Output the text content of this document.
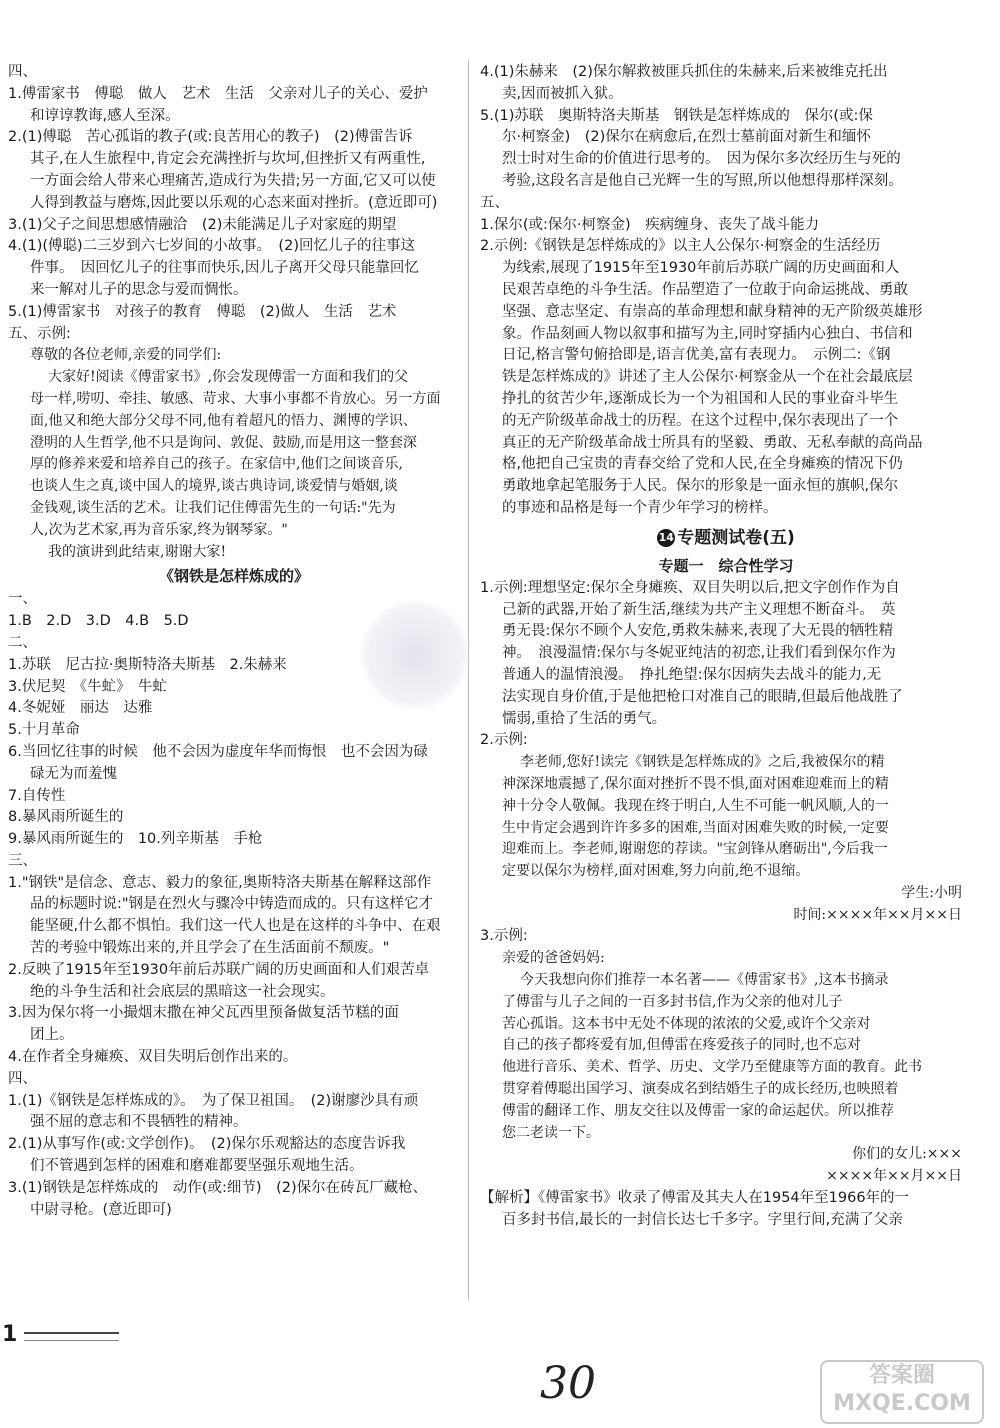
四、
1.傅雷家书　傅聪　做人　艺术　生活　父亲对儿子的关心、爱护
和谆谆教诲,感人至深。
2.(1)傅聪　苦心孤诣的教子(或:良苦用心的教子)　(2)傅雷告诉
其子,在人生旅程中,肯定会充满挫折与坎坷,但挫折又有两重性,
一方面会给人带来心理痛苦,造成行为失措;另一方面,它又可以使
人得到教益与磨炼,因此要以乐观的心态来面对挫折。(意近即可)
3.(1)父子之间思想感情融洽　(2)未能满足儿子对家庭的期望
4.(1)(傅聪)二三岁到六七岁间的小故事。　(2)回忆儿子的往事这
件事。　因回忆儿子的往事而快乐,因儿子离开父母只能靠回忆
来一解对儿子的思念与爱而惆怅。
5.(1)傅雷家书　对孩子的教育　傅聪　(2)做人　生活　艺术
五、示例:
尊敬的各位老师,亲爱的同学们:
大家好!阅读《傅雷家书》,你会发现傅雷一方面和我们的父
母一样,唠叨、牵挂、敏感、苛求、大事小事都不肯放心。另一方面
面,他又和绝大部分父母不同,他有着超凡的悟力、渊博的学识、
澄明的人生哲学,他不只是询问、敦促、鼓励,而是用这一整套深
厚的修养来爱和培养自己的孩子。在家信中,他们之间谈音乐,
也谈人生之真,谈中国人的境界,谈古典诗词,谈爱情与婚姻,谈
金钱观,谈生活的艺术。让我们记住傅雷先生的一句话:"先为
人,次为艺术家,再为音乐家,终为钢琴家。"
我的演讲到此结束,谢谢大家!
《钢铁是怎样炼成的》
一、
1.B　2.D　3.D　4.B　5.D
二、
1.苏联　尼古拉·奥斯特洛夫斯基　2.朱赫来
3.伏尼契　《牛虻》　牛虻
4.冬妮娅　丽达　达雅
5.十月革命
6.当回忆往事的时候　他不会因为虚度年华而悔恨　也不会因为碌
碌无为而羞愧
7.自传性
8.暴风雨所诞生的
9.暴风雨所诞生的　10.列辛斯基　手枪
三、
1."钢铁"是信念、意志、毅力的象征,奥斯特洛夫斯基在解释这部作
品的标题时说:"钢是在烈火与骤冷中铸造而成的。只有这样它才
能坚硬,什么都不惧怕。我们这一代人也是在这样的斗争中、在艰
苦的考验中锻炼出来的,并且学会了在生活面前不颓废。"
2.反映了1915年至1930年前后苏联广阔的历史画面和人们艰苦卓
绝的斗争生活和社会底层的黑暗这一社会现实。
3.因为保尔将一小撮烟末撒在神父瓦西里预备做复活节糕的面
团上。
4.在作者全身瘫痪、双目失明后创作出来的。
四、
1.(1)《钢铁是怎样炼成的》。　为了保卫祖国。　(2)谢廖沙具有顽
强不屈的意志和不畏牺牲的精神。
2.(1)从事写作(或:文学创作)。　(2)保尔乐观豁达的态度告诉我
们不管遇到怎样的困难和磨难都要坚强乐观地生活。
3.(1)钢铁是怎样炼成的　动作(或:细节)　(2)保尔在砖瓦厂藏枪、
中尉寻枪。(意近即可)
4.(1)朱赫来　(2)保尔解救被匪兵抓住的朱赫来,后来被维克托出
卖,因而被抓入狱。
5.(1)苏联　奥斯特洛夫斯基　钢铁是怎样炼成的　保尔(或:保
尔·柯察金)　(2)保尔在病愈后,在烈士墓前面对新生和缅怀
烈士时对生命的价值进行思考的。　因为保尔多次经历生与死的
考验,这段名言是他自己光辉一生的写照,所以他想得那样深刻。
五、
1.保尔(或:保尔·柯察金)　疾病缠身、丧失了战斗能力
2.示例:《钢铁是怎样炼成的》以主人公保尔·柯察金的生活经历
为线索,展现了1915年至1930年前后苏联广阔的历史画面和人
民艰苦卓绝的斗争生活。作品塑造了一位敢于向命运挑战、勇敢
坚强、意志坚定、有崇高的革命理想和献身精神的无产阶级英雄形
象。作品刻画人物以叙事和描写为主,同时穿插内心独白、书信和
日记,格言警句俯拾即是,语言优美,富有表现力。　示例二:《钢
铁是怎样炼成的》讲述了主人公保尔·柯察金从一个在社会最底层
挣扎的贫苦少年,逐渐成长为一个为祖国和人民的事业奋斗毕生
的无产阶级革命战士的历程。在这个过程中,保尔表现出了一个
真正的无产阶级革命战士所具有的坚毅、勇敢、无私奉献的高尚品
格,他把自己宝贵的青春交给了党和人民,在全身瘫痪的情况下仍
勇敢地拿起笔服务于人民。保尔的形象是一面永恒的旗帜,保尔
的事迹和品格是每一个青少年学习的榜样。
14 专题测试卷(五)
专题一　综合性学习
1.示例:理想坚定:保尔全身瘫痪、双目失明以后,把文字创作作为自
己新的武器,开始了新生活,继续为共产主义理想不断奋斗。　英
勇无畏:保尔不顾个人安危,勇救朱赫来,表现了大无畏的牺牲精
神。　浪漫温情:保尔与冬妮亚纯洁的初恋,让我们看到保尔作为
普通人的温情浪漫。　挣扎绝望:保尔因病失去战斗的能力,无
法实现自身价值,于是他把枪口对准自己的眼睛,但最后他战胜了
懦弱,重拾了生活的勇气。
2.示例:
李老师,您好!读完《钢铁是怎样炼成的》之后,我被保尔的精
神深深地震撼了,保尔面对挫折不畏不惧,面对困难迎难而上的精
神十分令人敬佩。我现在终于明白,人生不可能一帆风顺,人的一
生中肯定会遇到许许多多的困难,当面对困难失败的时候,一定要
迎难而上。李老师,谢谢您的荐读。"宝剑锋从磨砺出",今后我一
定要以保尔为榜样,面对困难,努力向前,绝不退缩。
学生:小明
时间:××××年××月××日
3.示例:
亲爱的爸爸妈妈:
今天我想向你们推荐一本名著——《傅雷家书》,这本书摘录
了傅雷与儿子之间的一百多封书信,作为父亲的他对儿子
苦心孤诣。这本书中无处不体现的浓浓的父爱,或许个父亲对
自己的孩子都疼爱有加,但傅雷在疼爱孩子的同时,也不忘对
他进行音乐、美术、哲学、历史、文学乃至健康等方面的教育。此书
贯穿着傅聪出国学习、演奏成名到结婚生子的成长经历,也映照着
傅雷的翻译工作、朋友交往以及傅雷一家的命运起伏。所以推荐
您二老读一下。
你们的女儿:×××
××××年××月××日
【解析】《傅雷家书》收录了傅雷及其夫人在1954年至1966年的一
百多封书信,最长的一封信长达七千多字。字里行间,充满了父亲
1
30	答案圈 MXQE.COM
